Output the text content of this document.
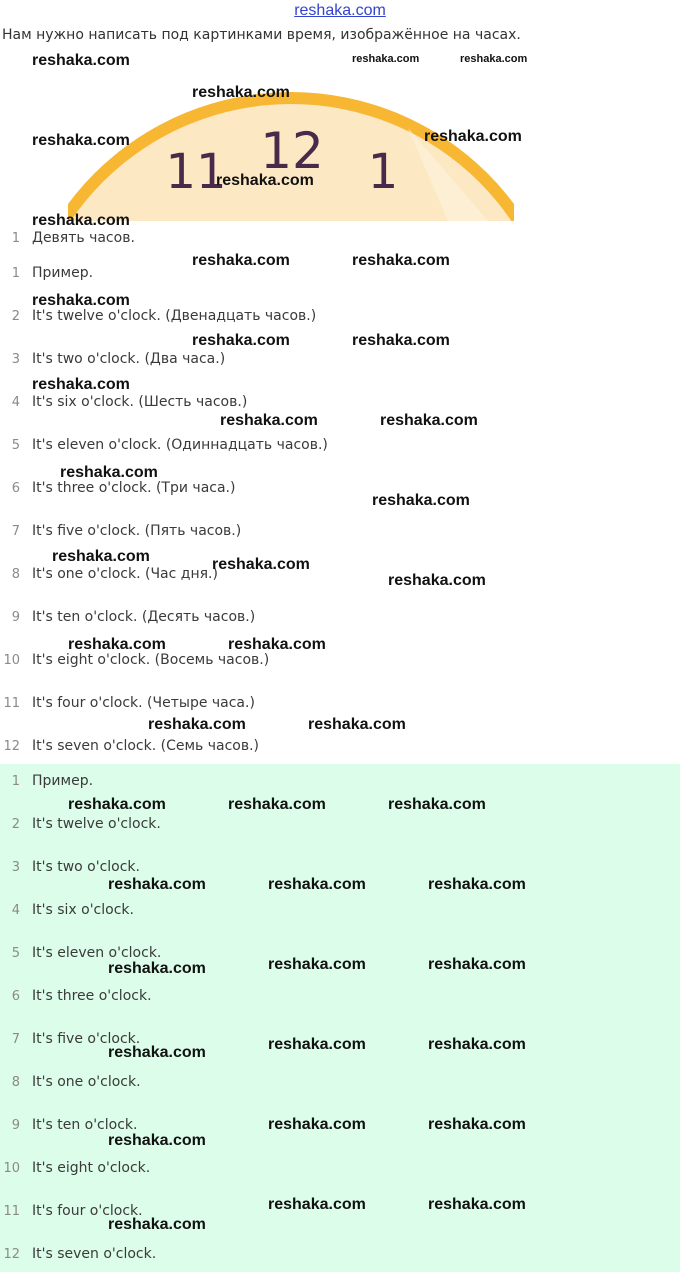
reshaka.com
Нам нужно написать под картинками время, изображённое на часах.
11 12 1
1 Девять часов.
1 Пример.
2 It's twelve o'clock. (Двенадцать часов.)
3 It's two o'clock. (Два часа.)
4 It's six o'clock. (Шесть часов.)
5 It's eleven o'clock. (Одиннадцать часов.)
6 It's three o'clock. (Три часа.)
7 It's five o'clock. (Пять часов.)
8 It's one o'clock. (Час дня.)
9 It's ten o'clock. (Десять часов.)
10 It's eight o'clock. (Восемь часов.)
11 It's four o'clock. (Четыре часа.)
12 It's seven o'clock. (Семь часов.)
1 Пример.
2 It's twelve o'clock.
3 It's two o'clock.
4 It's six o'clock.
5 It's eleven o'clock.
6 It's three o'clock.
7 It's five o'clock.
8 It's one o'clock.
9 It's ten o'clock.
10 It's eight o'clock.
11 It's four o'clock.
12 It's seven o'clock.
reshaka.com	reshaka.com	reshaka.com
reshaka.com
reshaka.com	reshaka.com
reshaka.com
reshaka.com
reshaka.com	reshaka.com
reshaka.com
reshaka.com	reshaka.com
reshaka.com
reshaka.com	reshaka.com
reshaka.com
reshaka.com
reshaka.com	reshaka.com
reshaka.com
reshaka.com	reshaka.com
reshaka.com	reshaka.com
reshaka.com	reshaka.com	reshaka.com
reshaka.com	reshaka.com	reshaka.com
reshaka.com	reshaka.com	reshaka.com
reshaka.com	reshaka.com	reshaka.com
reshaka.com
reshaka.com	reshaka.com
reshaka.com
reshaka.com	reshaka.com
